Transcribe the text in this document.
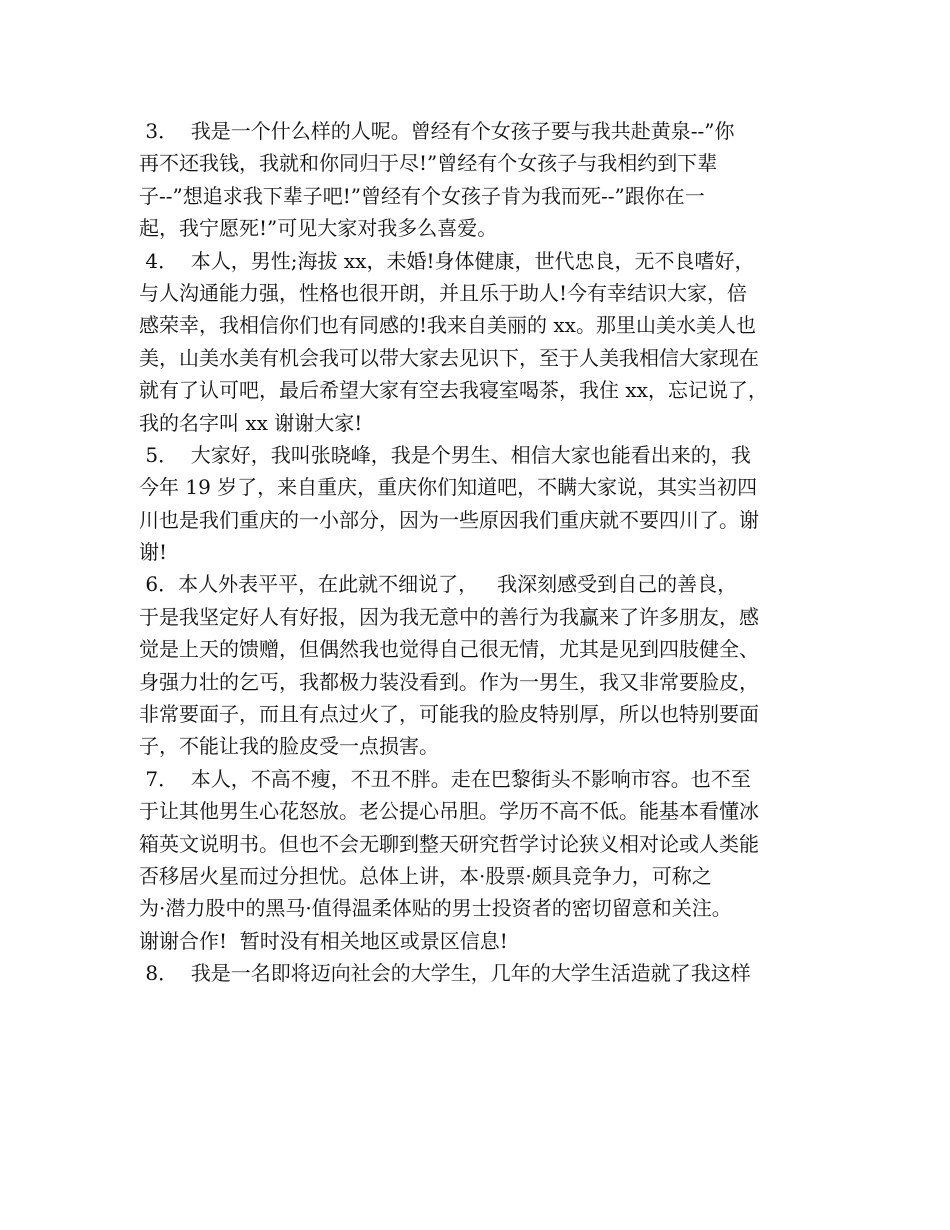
3．  我是一个什么样的人呢。曾经有个女孩子要与我共赴黄泉--”你
再不还我钱，我就和你同归于尽!”曾经有个女孩子与我相约到下辈
子--”想追求我下辈子吧!”曾经有个女孩子肯为我而死--”跟你在一
起，我宁愿死!”可见大家对我多么喜爱。
4．  本人，男性;海拔 xx，未婚!身体健康，世代忠良，无不良嗜好，
与人沟通能力强，性格也很开朗，并且乐于助人!今有幸结识大家，倍
感荣幸，我相信你们也有同感的!我来自美丽的 xx。那里山美水美人也
美，山美水美有机会我可以带大家去见识下，至于人美我相信大家现在
就有了认可吧，最后希望大家有空去我寝室喝茶，我住 xx，忘记说了，
我的名字叫 xx 谢谢大家!
5．  大家好，我叫张晓峰，我是个男生、相信大家也能看出来的，我
今年 19 岁了，来自重庆，重庆你们知道吧，不瞒大家说，其实当初四
川也是我们重庆的一小部分，因为一些原因我们重庆就不要四川了。谢
谢!
6．本人外表平平，在此就不细说了，   我深刻感受到自己的善良，
于是我坚定好人有好报，因为我无意中的善行为我赢来了许多朋友，感
觉是上天的馈赠，但偶然我也觉得自己很无情，尤其是见到四肢健全、
身强力壮的乞丐，我都极力装没看到。作为一男生，我又非常要脸皮，
非常要面子，而且有点过火了，可能我的脸皮特别厚，所以也特别要面
子，不能让我的脸皮受一点损害。
7．  本人，不高不瘦，不丑不胖。走在巴黎街头不影响市容。也不至
于让其他男生心花怒放。老公提心吊胆。学历不高不低。能基本看懂冰
箱英文说明书。但也不会无聊到整天研究哲学讨论狭义相对论或人类能
否移居火星而过分担忧。总体上讲，本·股票·颇具竞争力，可称之
为·潜力股中的黑马·值得温柔体贴的男士投资者的密切留意和关注。
谢谢合作!  暂时没有相关地区或景区信息!
8．  我是一名即将迈向社会的大学生，几年的大学生活造就了我这样
